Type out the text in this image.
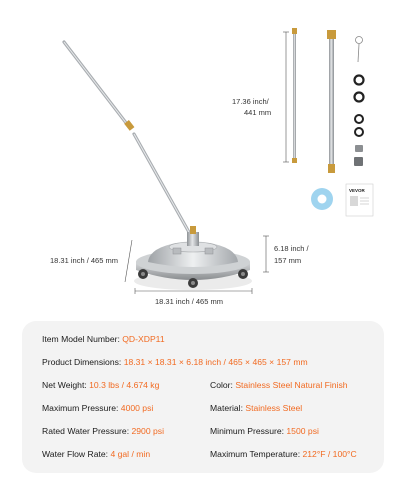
VEVOR
17.36 inch/
441 mm
6.18 inch /
157 mm
18.31 inch / 465 mm
18.31 inch / 465 mm
Item Model Number: QD-XDP11
Product Dimensions: 18.31 × 18.31 × 6.18 inch / 465 × 465 × 157 mm
Net Weight: 10.3 lbs / 4.674 kg	Color: Stainless Steel Natural Finish
Maximum Pressure: 4000 psi	Material: Stainless Steel
Rated Water Pressure: 2900 psi	Minimum Pressure: 1500 psi
Water Flow Rate: 4 gal / min	Maximum Temperature: 212°F / 100°C
